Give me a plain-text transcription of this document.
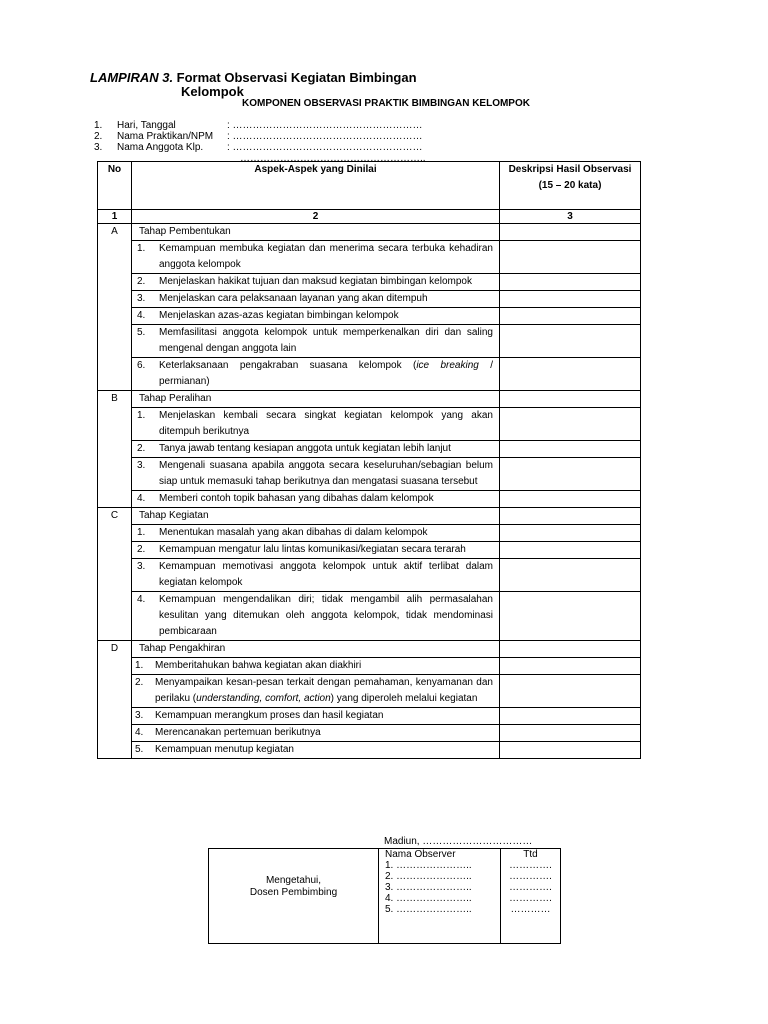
LAMPIRAN 3. Format Observasi Kegiatan Bimbingan
Kelompok
KOMPONEN OBSERVASI PRAKTIK BIMBINGAN KELOMPOK
1.	Hari, Tanggal	: …………………………………………………
2.	Nama Praktikan/NPM	: …………………………………………………
3.	Nama Anggota Klp.	: …………………………………………………
………………………………………………..
No	Aspek-Aspek yang Dinilai	Deskripsi Hasil Observasi (15 – 20 kata)
1	2	3
A	Tahap Pembentukan	

	1. Kemampuan membuka kegiatan dan menerima secara terbuka kehadiran anggota kelompok	

	2. Menjelaskan hakikat tujuan dan maksud kegiatan bimbingan kelompok	

	3. Menjelaskan cara pelaksanaan layanan yang akan ditempuh	

	4. Menjelaskan azas-azas kegiatan bimbingan kelompok	

	5. Memfasilitasi anggota kelompok untuk memperkenalkan diri dan saling mengenal dengan anggota lain	

	6. Keterlaksanaan pengakraban suasana kelompok (ice breaking / permianan)	

B	Tahap Peralihan	

	1. Menjelaskan kembali secara singkat kegiatan kelompok yang akan ditempuh berikutnya	

	2. Tanya jawab tentang kesiapan anggota untuk kegiatan lebih lanjut	

	3. Mengenali suasana apabila anggota secara keseluruhan/sebagian belum siap untuk memasuki tahap berikutnya dan mengatasi suasana tersebut	

	4. Memberi contoh topik bahasan yang dibahas dalam kelompok	

C	Tahap Kegiatan	

	1. Menentukan masalah yang akan dibahas di dalam kelompok	

	2. Kemampuan mengatur lalu lintas komunikasi/kegiatan secara terarah	

	3. Kemampuan memotivasi anggota kelompok untuk aktif terlibat dalam kegiatan kelompok	

	4. Kemampuan mengendalikan diri; tidak mengambil alih permasalahan kesulitan yang ditemukan oleh anggota kelompok, tidak mendominasi pembicaraan	

D	Tahap Pengakhiran	

	1. Memberitahukan bahwa kegiatan akan diakhiri	

	2. Menyampaikan kesan-pesan terkait dengan pemahaman, kenyamanan dan perilaku (understanding, comfort, action) yang diperoleh melalui kegiatan	

	3. Kemampuan merangkum proses dan hasil kegiatan	

	4. Merencanakan pertemuan berikutnya	

	5. Kemampuan menutup kegiatan	

Madiun, ……………………………
Mengetahui,
Dosen Pembimbing

Nama Observer
1. …………………..
2. …………………..
3. …………………..
4. …………………..
5. …………………..

Ttd
………….
………….
………….
………….
…………
